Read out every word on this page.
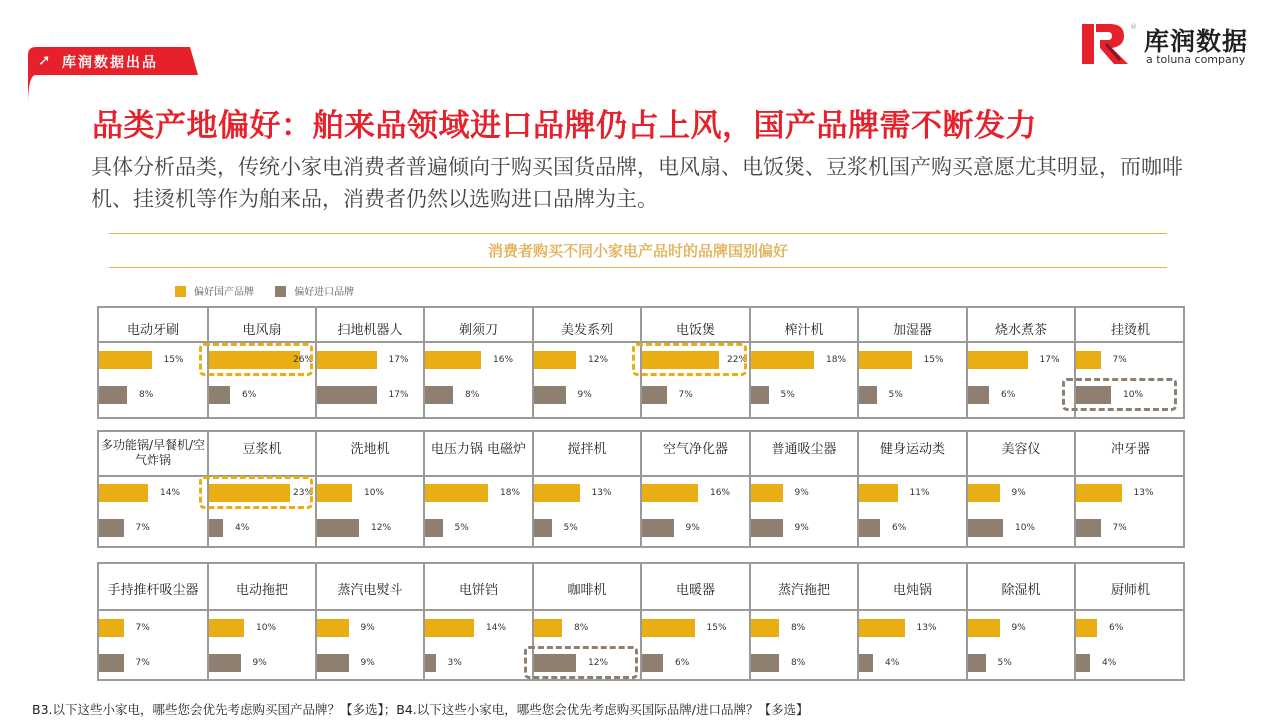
➚ 库润数据出品
® 库润数据
a toluna company
品类产地偏好：舶来品领域进口品牌仍占上风，国产品牌需不断发力
具体分析品类，传统小家电消费者普遍倾向于购买国货品牌，电风扇、电饭煲、豆浆机国产购买意愿尤其明显，而咖啡机、挂烫机等作为舶来品，消费者仍然以选购进口品牌为主。
消费者购买不同小家电产品时的品牌国别偏好
偏好国产品牌	偏好进口品牌
电动牙刷
15%
8%
电风扇
26%
6%
扫地机器人
17%
17%
剃须刀
16%
8%
美发系列
12%
9%
电饭煲
22%
7%
榨汁机
18%
5%
加湿器
15%
5%
烧水煮茶
17%
6%
挂烫机
7%
10%
多功能锅/早餐机/空气炸锅
14%
7%
豆浆机
23%
4%
洗地机
10%
12%
电压力锅 电磁炉
18%
5%
搅拌机
13%
5%
空气净化器
16%
9%
普通吸尘器
9%
9%
健身运动类
11%
6%
美容仪
9%
10%
冲牙器
13%
7%
手持推杆吸尘器
7%
7%
电动拖把
10%
9%
蒸汽电熨斗
9%
9%
电饼铛
14%
3%
咖啡机
8%
12%
电暖器
15%
6%
蒸汽拖把
8%
8%
电炖锅
13%
4%
除湿机
9%
5%
厨师机
6%
4%
B3.以下这些小家电，哪些您会优先考虑购买国产品牌？【多选】；B4.以下这些小家电，哪些您会优先考虑购买国际品牌/进口品牌？【多选】
